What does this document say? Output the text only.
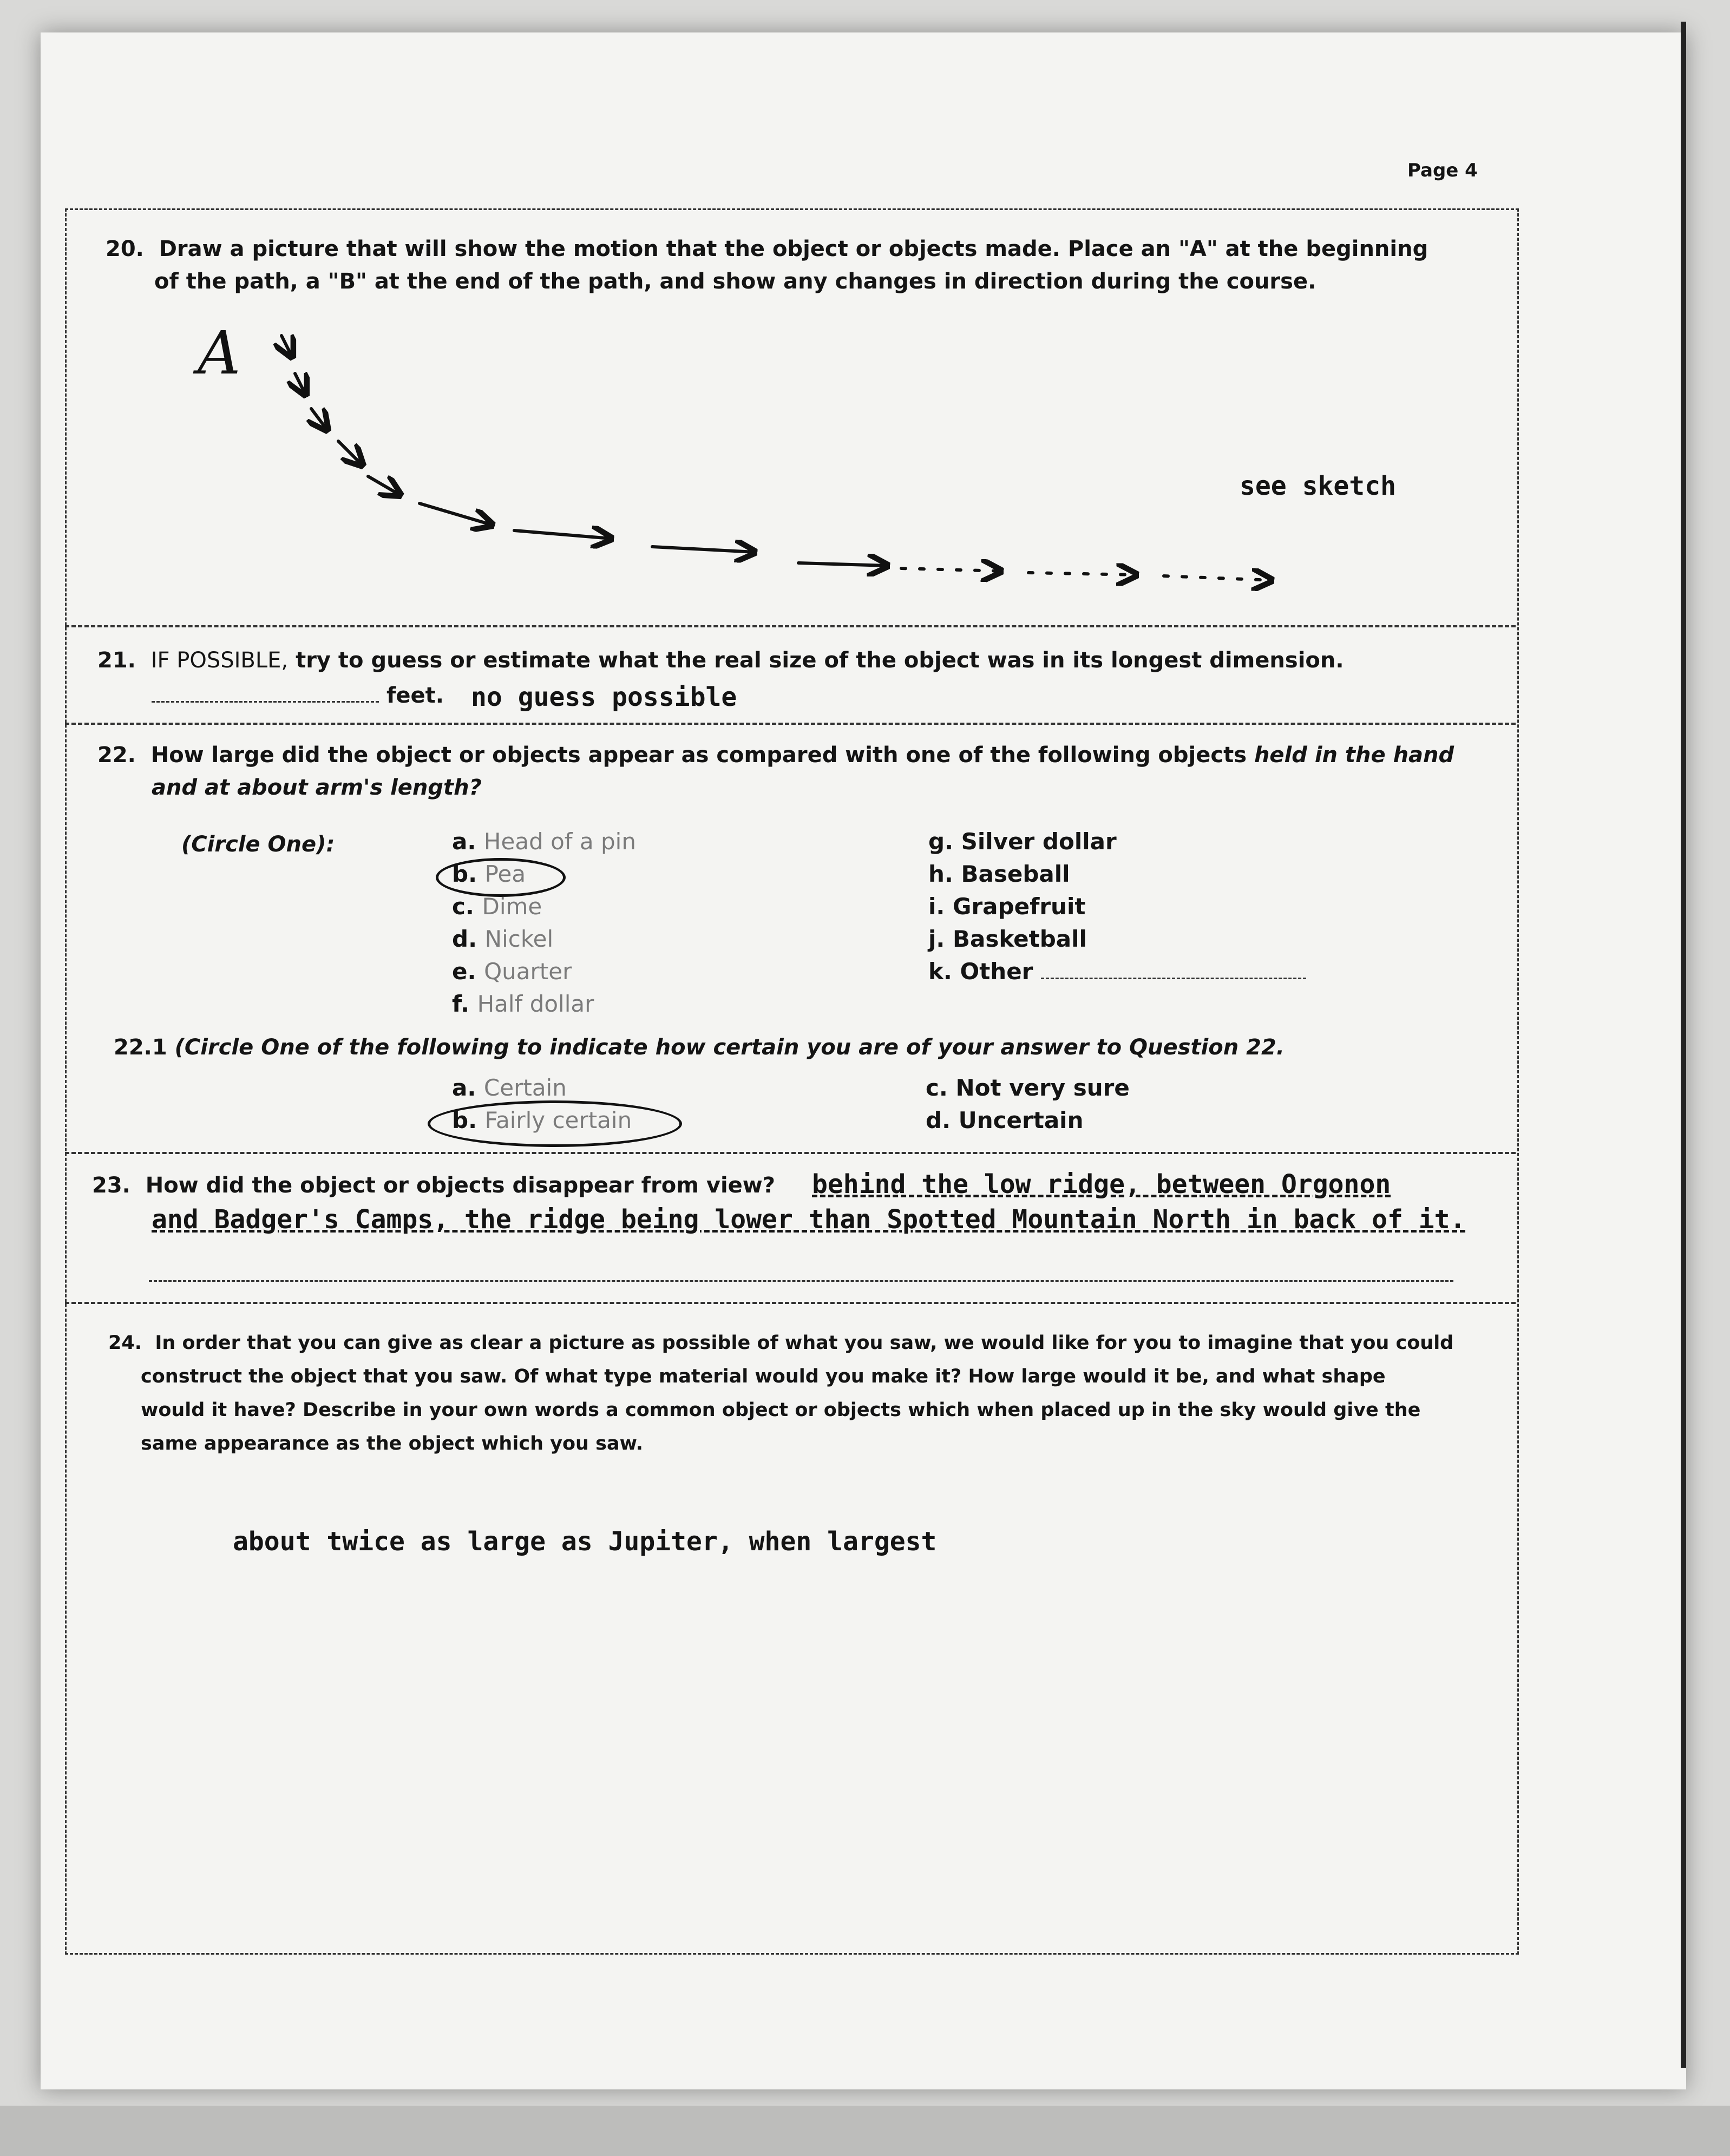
Page 4
20. Draw a picture that will show the motion that the object or objects made. Place an "A" at the beginning
of the path, a "B" at the end of the path, and show any changes in direction during the course.
A
see sketch
21. IF POSSIBLE, try to guess or estimate what the real size of the object was in its longest dimension.
feet. no guess possible
22. How large did the object or objects appear as compared with one of the following objects held in the hand
and at about arm's length?
(Circle One):	a. Head of a pin
b. Pea
c. Dime
d. Nickel
e. Quarter
f. Half dollar
g. Silver dollar
h. Baseball
i. Grapefruit
j. Basketball
k. Other
22.1 (Circle One of the following to indicate how certain you are of your answer to Question 22.
a. Certain
b. Fairly certain
c. Not very sure
d. Uncertain
23. How did the object or objects disappear from view? behind the low ridge, between Orgonon
and Badger's Camps, the ridge being lower than Spotted Mountain North in back of it.
24. In order that you can give as clear a picture as possible of what you saw, we would like for you to imagine that you could
construct the object that you saw. Of what type material would you make it? How large would it be, and what shape
would it have? Describe in your own words a common object or objects which when placed up in the sky would give the
same appearance as the object which you saw.
about twice as large as Jupiter, when largest
